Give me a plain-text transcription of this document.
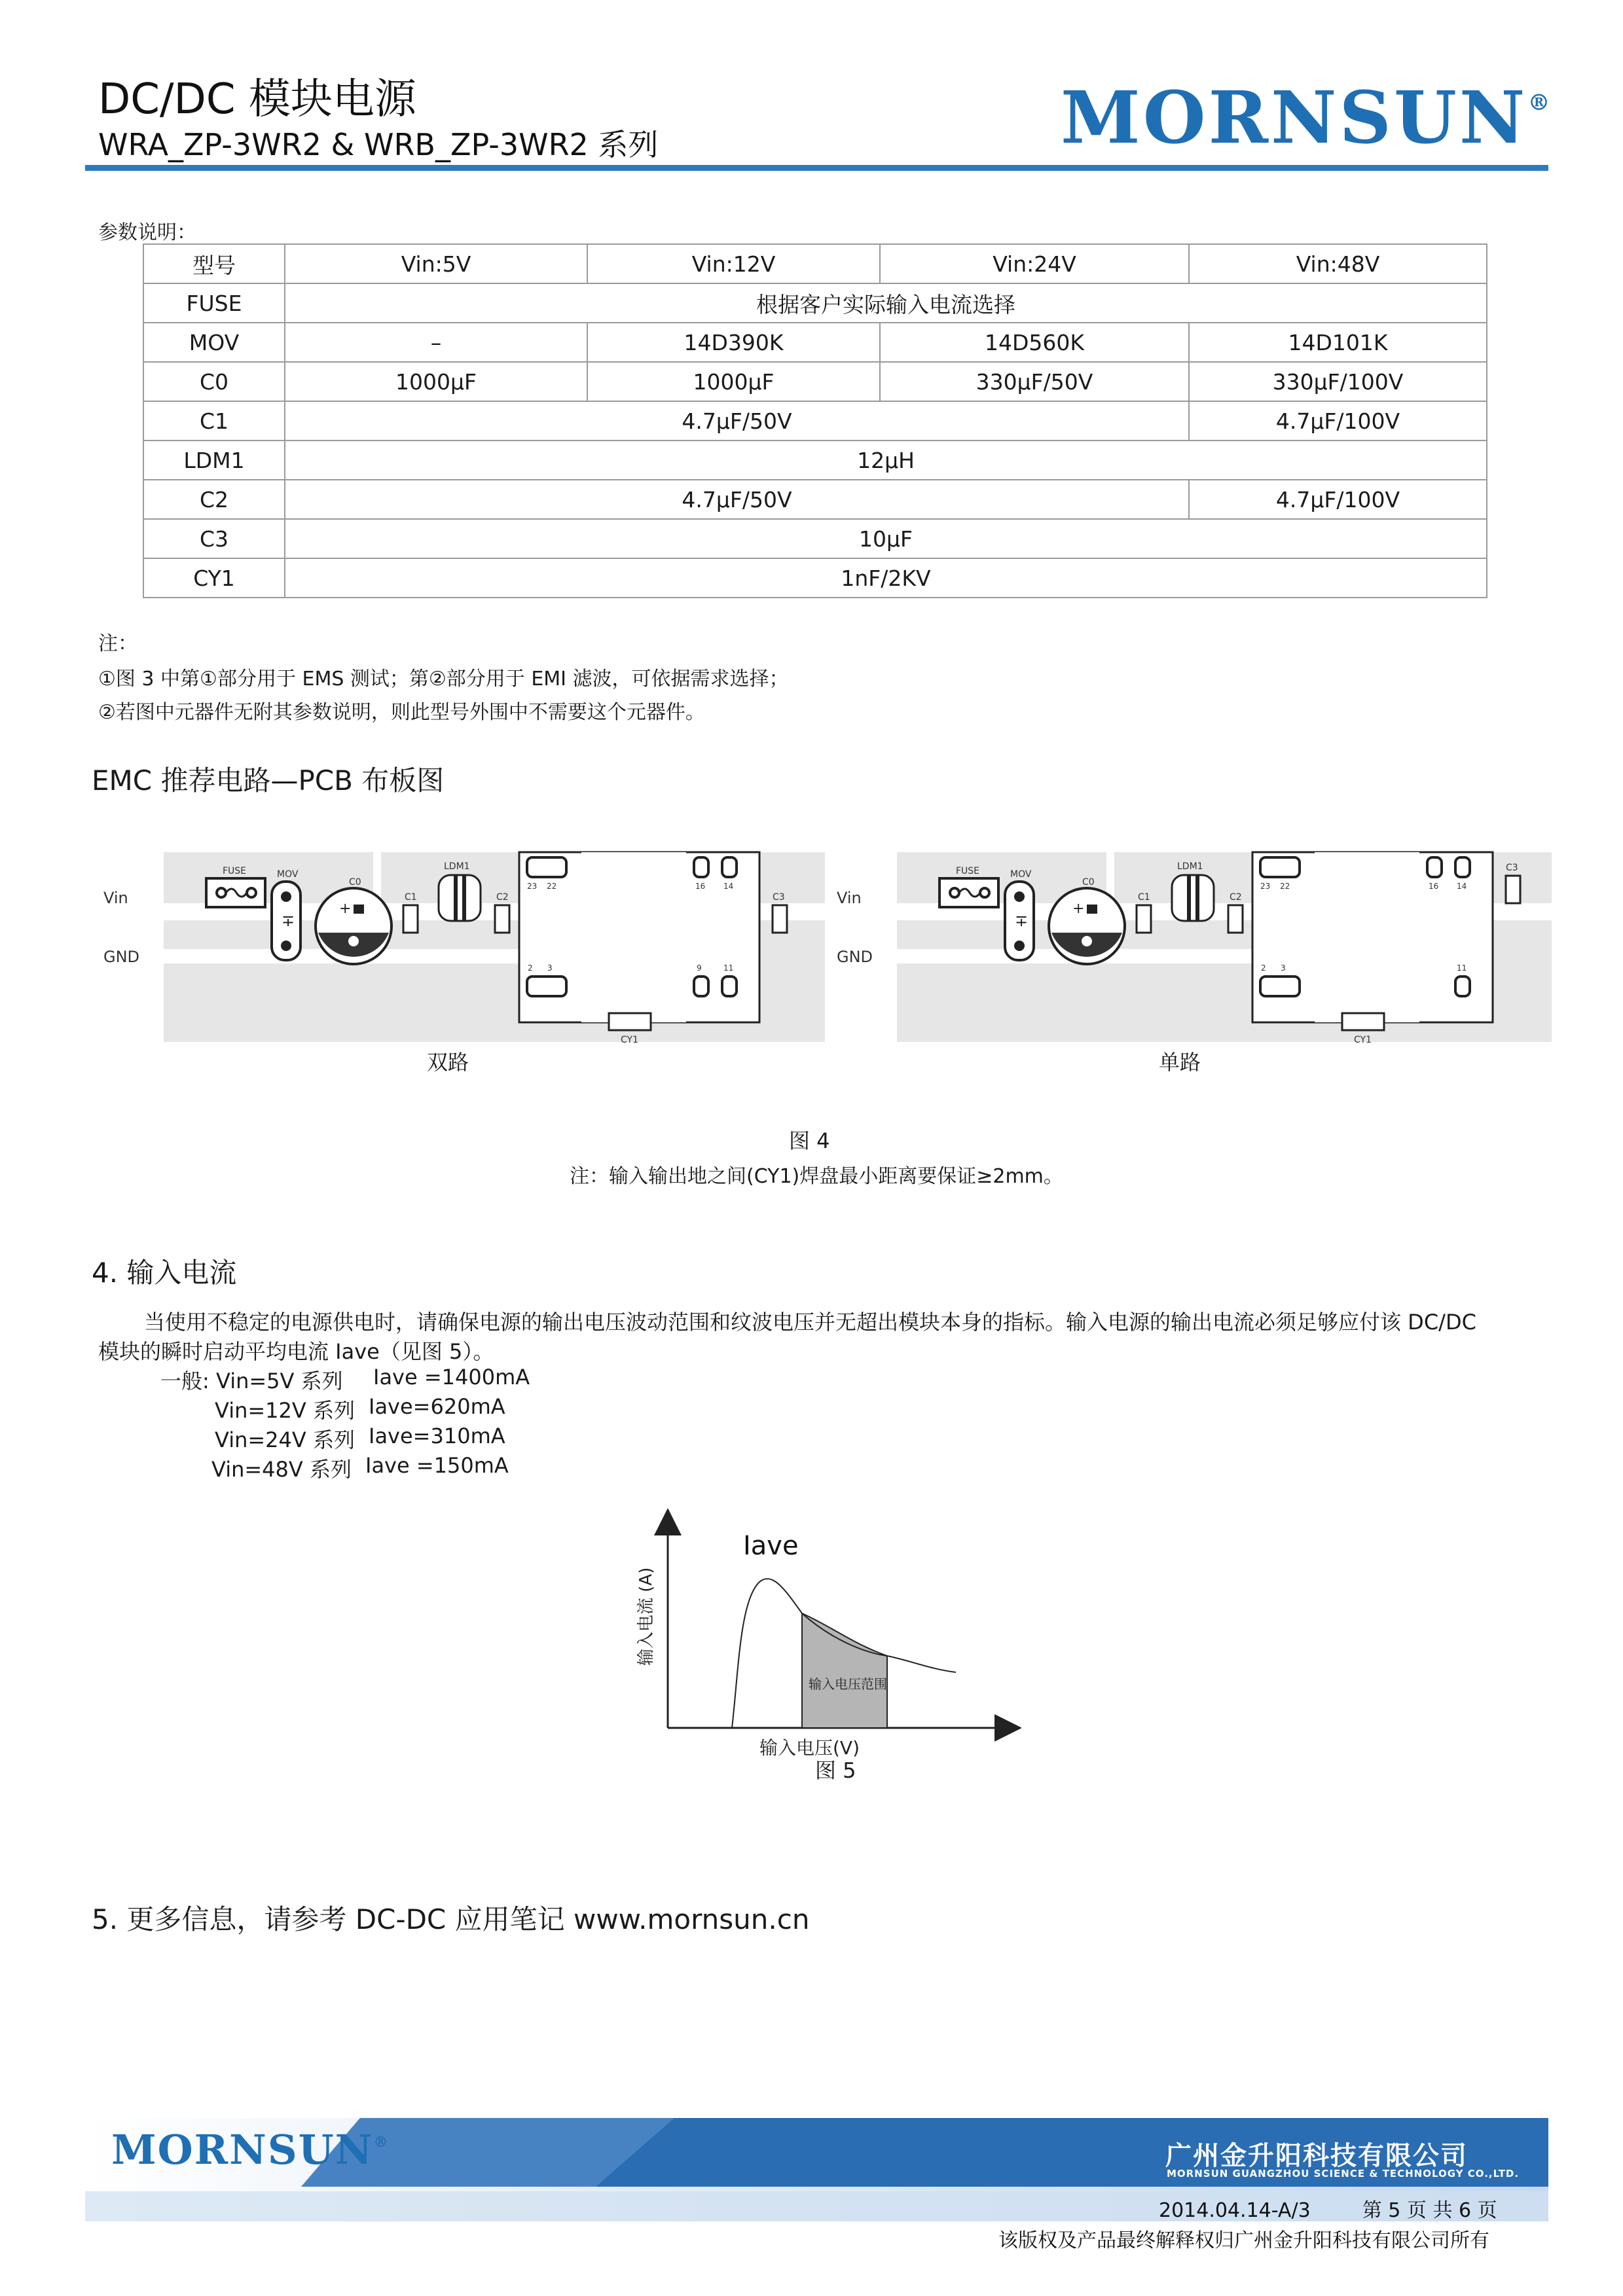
DC/DC 模块电源
WRA_ZP-3WR2 & WRB_ZP-3WR2 系列	MORNSUN®
参数说明：
型号	Vin:5V	Vin:12V	Vin:24V	Vin:48V
FUSE	根据客户实际输入电流选择			
MOV	–	14D390K	14D560K	14D101K
C0	1000µF	1000µF	330µF/50V	330µF/100V
C1	4.7µF/50V			4.7µF/100V
LDM1	12µH			
C2	4.7µF/50V			4.7µF/100V
C3	10µF			
CY1	1nF/2KV			
注：
①图 3 中第①部分用于 EMS 测试；第②部分用于 EMI 滤波，可依据需求选择；
②若图中元器件无附其参数说明，则此型号外围中不需要这个元器件。
EMC 推荐电路—PCB 布板图
Vin
GND
FUSE	MOV
∓
C0
+
C1
LDM1
C2
23 22	16 14
2 3	9	11
C3
CY1
双路
Vin
GND
FUSE	MOV
∓
C0
+
C1
LDM1
C2
23 22	16 14
2 3	11
C3
CY1
单路
图 4
注：输入输出地之间(CY1)焊盘最小距离要保证≥2mm。
4. 输入电流
当使用不稳定的电源供电时，请确保电源的输出电压波动范围和纹波电压并无超出模块本身的指标。输入电源的输出电流必须足够应付该 DC/DC
模块的瞬时启动平均电流 Iave（见图 5）。
一般: Vin=5V 系列 Iave =1400mA
Vin=12V 系列 Iave=620mA
Vin=24V 系列 Iave=310mA
Vin=48V 系列 Iave =150mA
Iave
输入电压范围
输入电流 (A)
输入电压(V)
图 5
5. 更多信息，请参考 DC-DC 应用笔记 www.mornsun.cn
MORNSUN®	广州金升阳科技有限公司
MORNSUN GUANGZHOU SCIENCE & TECHNOLOGY CO.,LTD.
2014.04.14-A/3	第 5 页 共 6 页
该版权及产品最终解释权归广州金升阳科技有限公司所有
